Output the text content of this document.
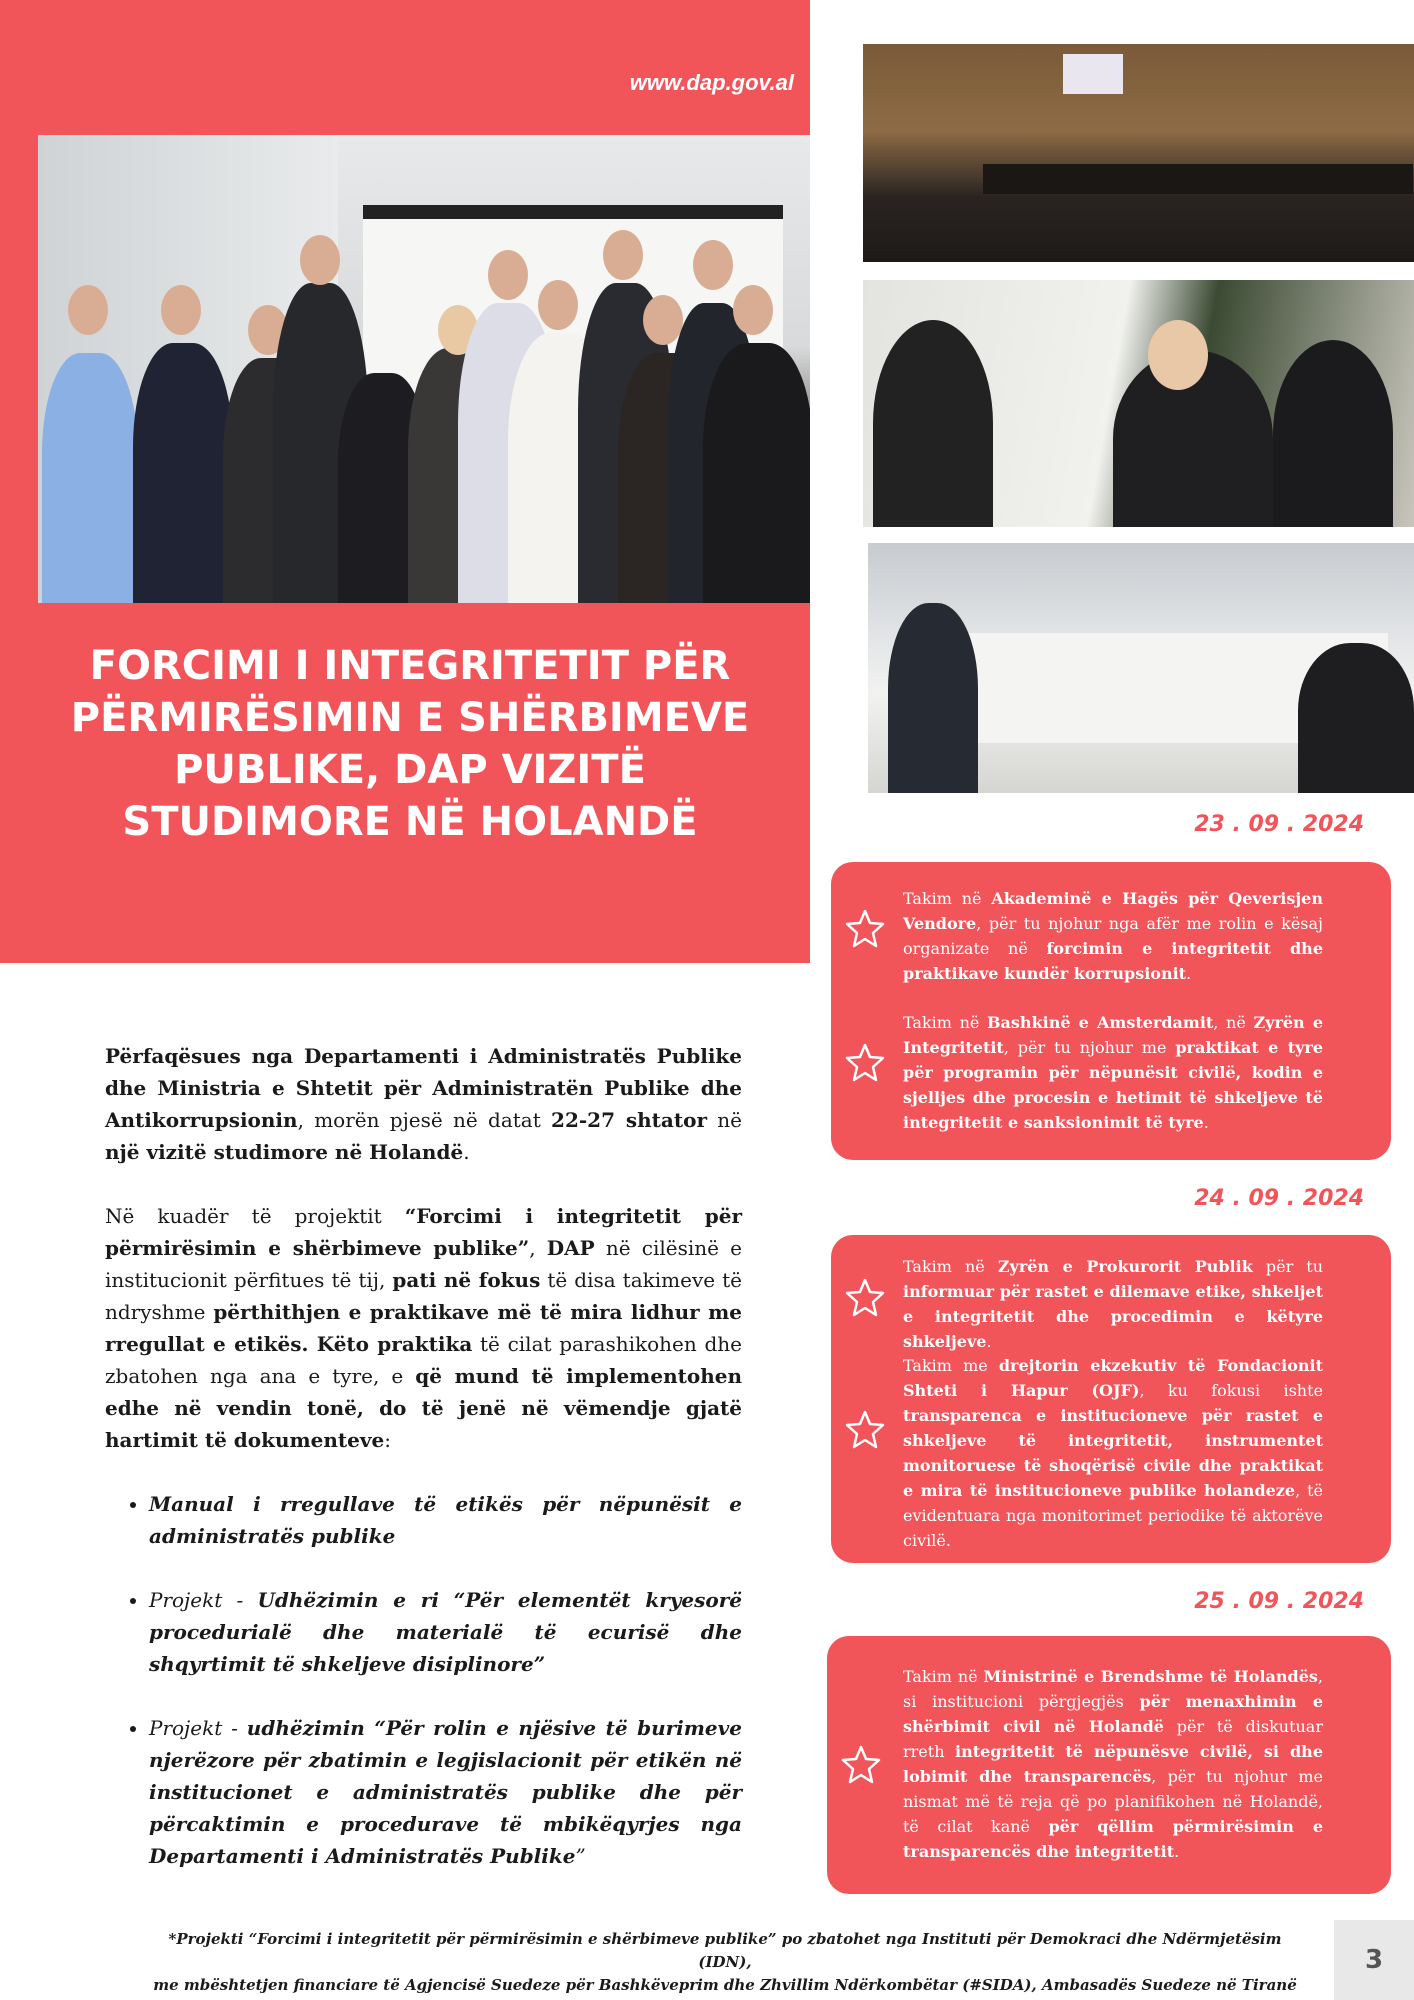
www.dap.gov.al
FORCIMI I INTEGRITETIT PËR PËRMIRËSIMIN E SHËRBIMEVE PUBLIKE, DAP VIZITË STUDIMORE NË HOLANDË

Përfaqësues nga Departamenti i Administratës Publike dhe Ministria e Shtetit për Administratën Publike dhe Antikorrupsionin, morën pjesë në datat 22-27 shtator në një vizitë studimore në Holandë.

Në kuadër të projektit “Forcimi i integritetit për përmirësimin e shërbimeve publike”, DAP në cilësinë e institucionit përfitues të tij, pati në fokus të disa takimeve të ndryshme përthithjen e praktikave më të mira lidhur me rregullat e etikës. Këto praktika të cilat parashikohen dhe zbatohen nga ana e tyre, e që mund të implementohen edhe në vendin tonë, do të jenë në vëmendje gjatë hartimit të dokumenteve:

• Manual i rregullave të etikës për nëpunësit e administratës publike
• Projekt - Udhëzimin e ri “Për elementët kryesorë procedurialë dhe materialë të ecurisë dhe shqyrtimit të shkeljeve disiplinore”
• Projekt - udhëzimin “Për rolin e njësive të burimeve njerëzore për zbatimin e legjislacionit për etikën në institucionet e administratës publike dhe për përcaktimin e procedurave të mbikëqyrjes nga Departamenti i Administratës Publike”
23 . 09 . 2024
Takim në Akademinë e Hagës për Qeverisjen Vendore, për tu njohur nga afër me rolin e kësaj organizate në forcimin e integritetit dhe praktikave kundër korrupsionit.
Takim në Bashkinë e Amsterdamit, në Zyrën e Integritetit, për tu njohur me praktikat e tyre për programin për nëpunësit civilë, kodin e sjelljes dhe procesin e hetimit të shkeljeve të integritetit e sanksionimit të tyre.
24 . 09 . 2024
Takim në Zyrën e Prokurorit Publik për tu informuar për rastet e dilemave etike, shkeljet e integritetit dhe procedimin e këtyre shkeljeve.
Takim me drejtorin ekzekutiv të Fondacionit Shteti i Hapur (OJF), ku fokusi ishte transparenca e institucioneve për rastet e shkeljeve të integritetit, instrumentet monitoruese të shoqërisë civile dhe praktikat e mira të institucioneve publike holandeze, të evidentuara nga monitorimet periodike të aktorëve civilë.
25 . 09 . 2024
Takim në Ministrinë e Brendshme të Holandës, si institucioni përgjegjës për menaxhimin e shërbimit civil në Holandë për të diskutuar rreth integritetit të nëpunësve civilë, si dhe lobimit dhe transparencës, për tu njohur me nismat më të reja që po planifikohen në Holandë, të cilat kanë për qëllim përmirësimin e transparencës dhe integritetit.
*Projekti “Forcimi i integritetit për përmirësimin e shërbimeve publike” po zbatohet nga Instituti për Demokraci dhe Ndërmjetësim (IDN),
me mbështetjen financiare të Agjencisë Suedeze për Bashkëveprim dhe Zhvillim Ndërkombëtar (#SIDA), Ambasadës Suedeze në Tiranë
3
